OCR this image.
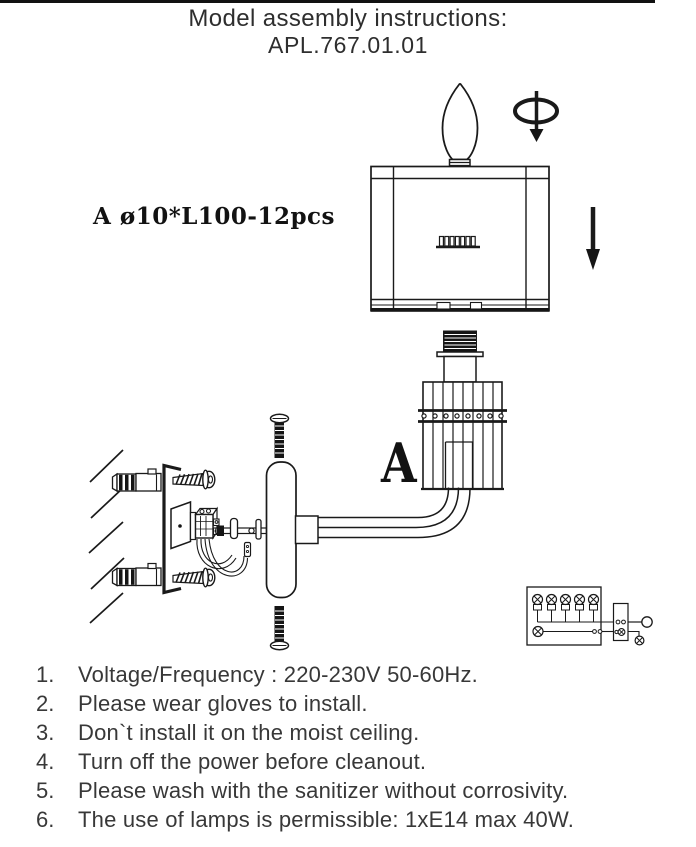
Model assembly instructions:
APL.767.01.01
A ø10*L100-12pcs
A
1.	Voltage/Frequency : 220-230V 50-60Hz.
2.	Please wear gloves to install.
3.	Don`t install it on the moist ceiling.
4.	Turn off the power before cleanout.
5.	Please wash with the sanitizer without corrosivity.
6.	The use of lamps is permissible: 1xE14 max 40W.
